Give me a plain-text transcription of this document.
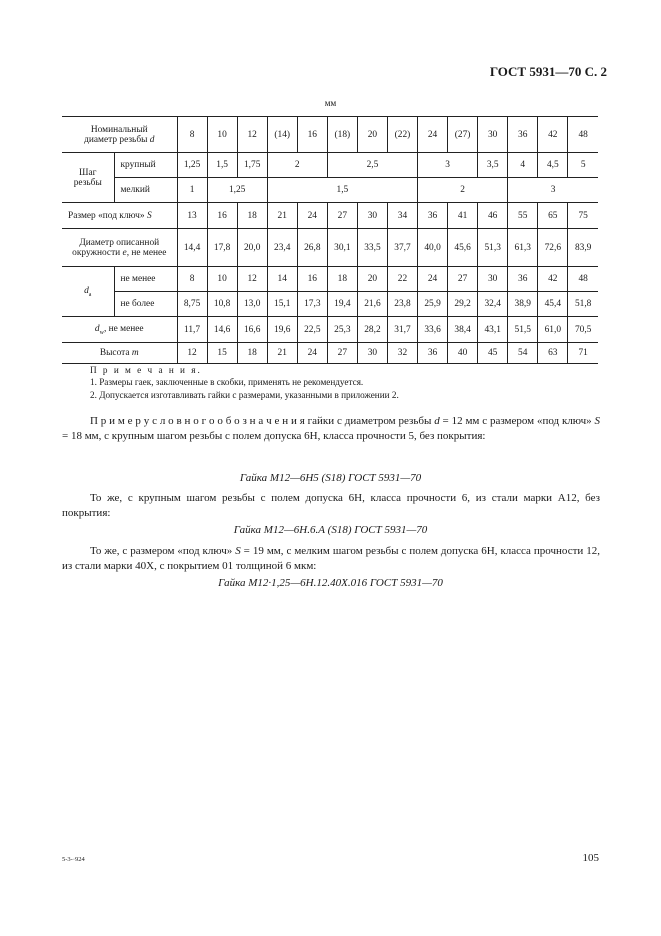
ГОСТ 5931—70 С. 2
мм
Номинальный
диаметр резьбы d		8	10	12	(14)	16	(18)	20	(22)	24	(27)	30	36	42	48
Шаг
резьбы	крупный	1,25	1,5	1,75	2		2,5			3		3,5	4	4,5	5
	мелкий	1	1,25		1,5					2			3		
Размер «под ключ» S		13	16	18	21	24	27	30	34	36	41	46	55	65	75
Диаметр описанной
окружности e, не менее		14,4	17,8	20,0	23,4	26,8	30,1	33,5	37,7	40,0	45,6	51,3	61,3	72,6	83,9
$d_a$	не менее	8	10	12	14	16	18	20	22	24	27	30	36	42	48
	не более	8,75	10,8	13,0	15,1	17,3	19,4	21,6	23,8	25,9	29,2	32,4	38,9	45,4	51,8
$d_w$, не менее		11,7	14,6	16,6	19,6	22,5	25,3	28,2	31,7	33,6	38,4	43,1	51,5	61,0	70,5
Высота m		12	15	18	21	24	27	30	32	36	40	45	54	63	71
П р и м е ч а н и я.
1. Размеры гаек, заключенные в скобки, применять не рекомендуется.
2. Допускается изготавливать гайки с размерами, указанными в приложении 2.
П р и м е р у с л о в н о г о о б о з н а ч е н и я гайки с диаметром резьбы d = 12 мм с размером «под ключ» S = 18 мм, с крупным шагом резьбы с полем допуска 6Н, класса прочности 5, без покрытия:
Гайка М12—6Н5 (S18) ГОСТ 5931—70
То же, с крупным шагом резьбы с полем допуска 6Н, класса прочности 6, из стали марки А12, без покрытия:
Гайка М12—6Н.6.А (S18) ГОСТ 5931—70
То же, с размером «под ключ» S = 19 мм, с мелким шагом резьбы с полем допуска 6Н, класса прочности 12, из стали марки 40Х, с покрытием 01 толщиной 6 мкм:
Гайка М12·1,25—6Н.12.40Х.016 ГОСТ 5931—70
5-3-·924	105
